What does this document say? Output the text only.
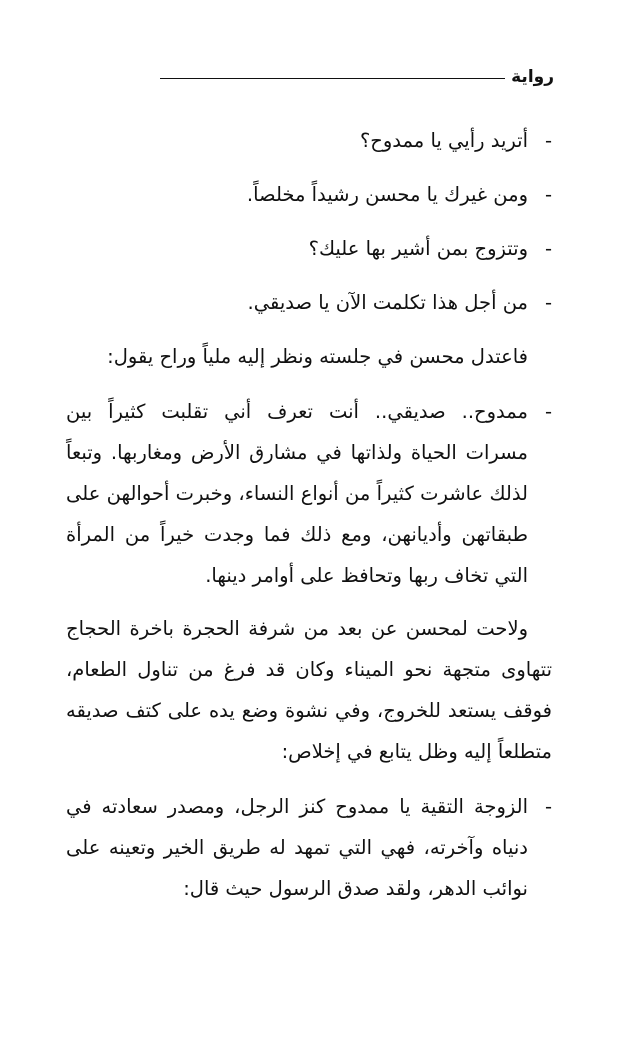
رواية
-

أتريد رأيي يا ممدوح؟

-

ومن غيرك يا محسن رشيداً مخلصاً.

-

وتتزوج بمن أشير بها عليك؟

-

من أجل هذا تكلمت الآن يا صديقي.

فاعتدل محسن في جلسته ونظر إليه ملياً وراح يقول:

-

ممدوح.. صديقي.. أنت تعرف أني تقلبت كثيراً بين مسرات الحياة ولذاتها في مشارق الأرض ومغاربها. وتبعاً لذلك عاشرت كثيراً من أنواع النساء، وخبرت أحوالهن على طبقاتهن وأديانهن، ومع ذلك فما وجدت خيراً من المرأة التي تخاف ربها وتحافظ على أوامر دينها.

ولاحت لمحسن عن بعد من شرفة الحجرة باخرة الحجاج تتهاوى متجهة نحو الميناء وكان قد فرغ من تناول الطعام، فوقف يستعد للخروج، وفي نشوة وضع يده على كتف صديقه متطلعاً إليه وظل يتابع في إخلاص:

-

الزوجة التقية يا ممدوح كنز الرجل، ومصدر سعادته في دنياه وآخرته، فهي التي تمهد له طريق الخير وتعينه على نوائب الدهر، ولقد صدق الرسول حيث قال:
